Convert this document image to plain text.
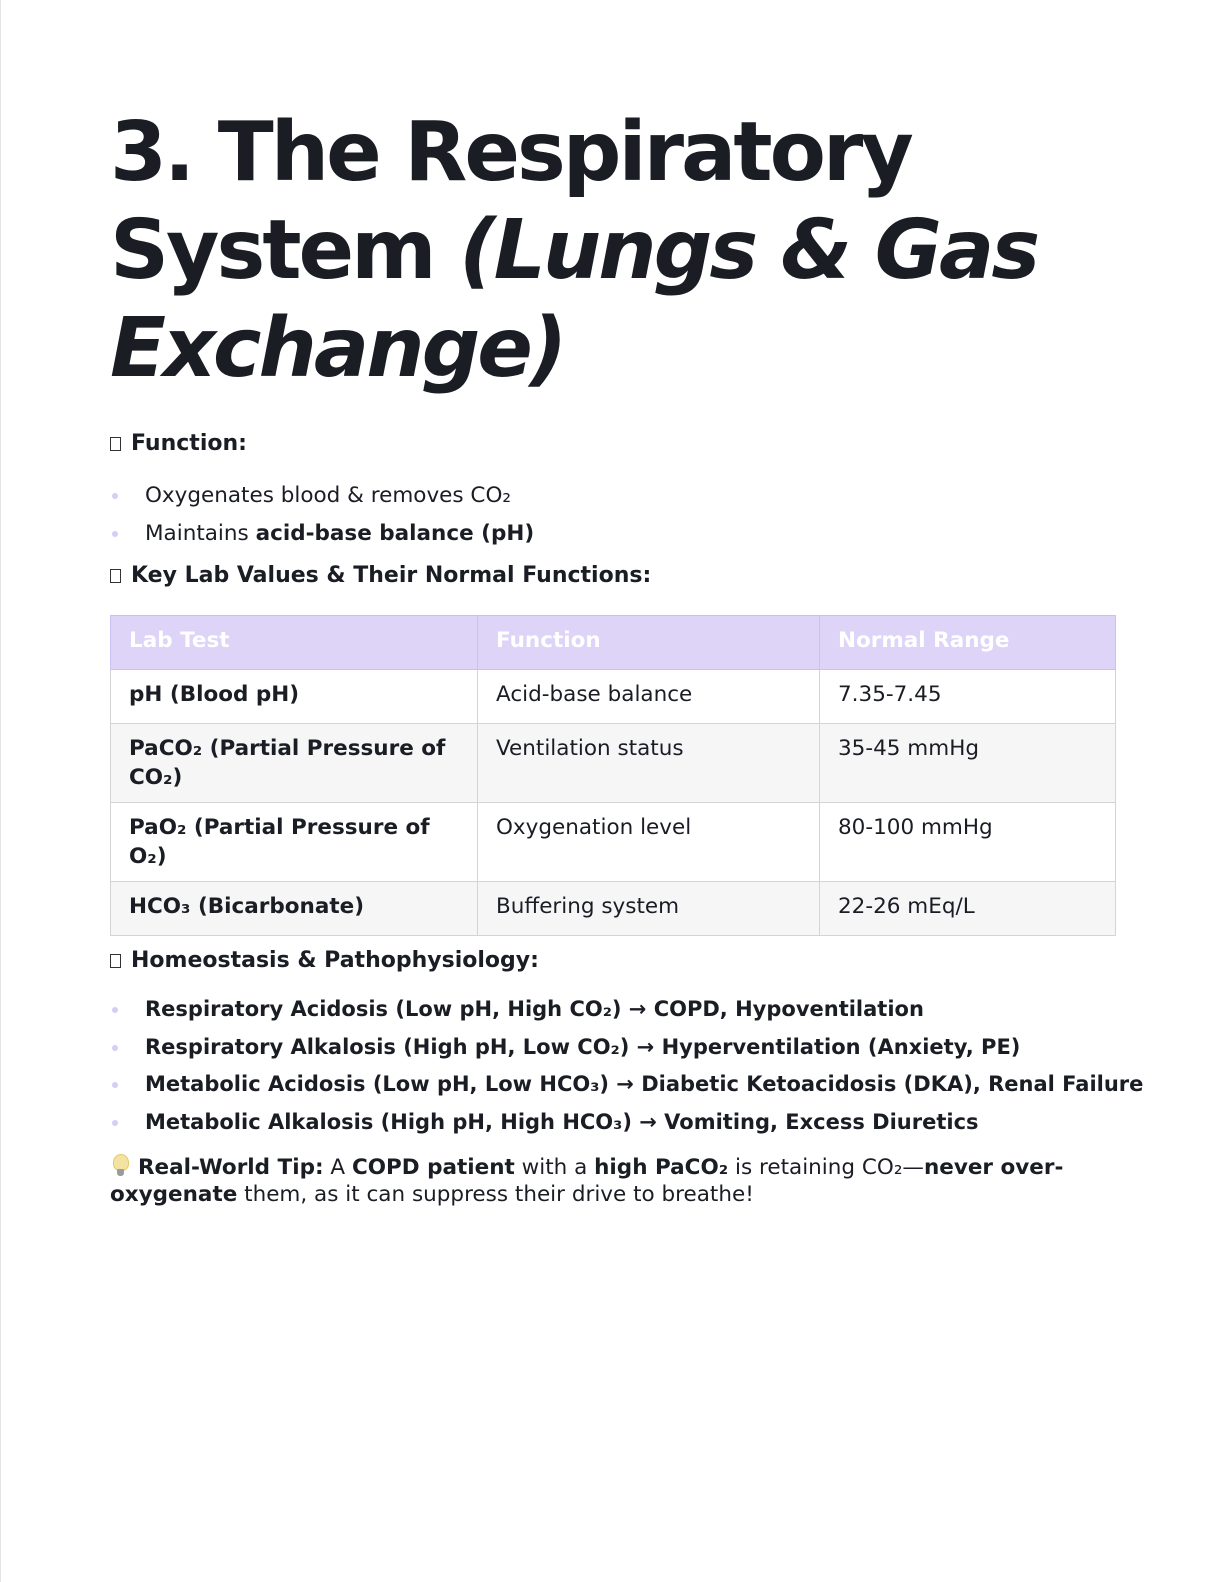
3. The Respiratory
System (Lungs & Gas
Exchange)
Function:
Oxygenates blood & removes CO₂
Maintains acid-base balance (pH)
Key Lab Values & Their Normal Functions:
Lab Test	Function	Normal Range
pH (Blood pH)	Acid-base balance	7.35-7.45
PaCO₂ (Partial Pressure of CO₂)	Ventilation status	35-45 mmHg
PaO₂ (Partial Pressure of O₂)	Oxygenation level	80-100 mmHg
HCO₃ (Bicarbonate)	Buffering system	22-26 mEq/L
Homeostasis & Pathophysiology:
Respiratory Acidosis (Low pH, High CO₂) → COPD, Hypoventilation
Respiratory Alkalosis (High pH, Low CO₂) → Hyperventilation (Anxiety, PE)
Metabolic Acidosis (Low pH, Low HCO₃) → Diabetic Ketoacidosis (DKA), Renal Failure
Metabolic Alkalosis (High pH, High HCO₃) → Vomiting, Excess Diuretics

Real-World Tip: A COPD patient with a high PaCO₂ is retaining CO₂—never over-oxygenate them, as it can suppress their drive to breathe!
